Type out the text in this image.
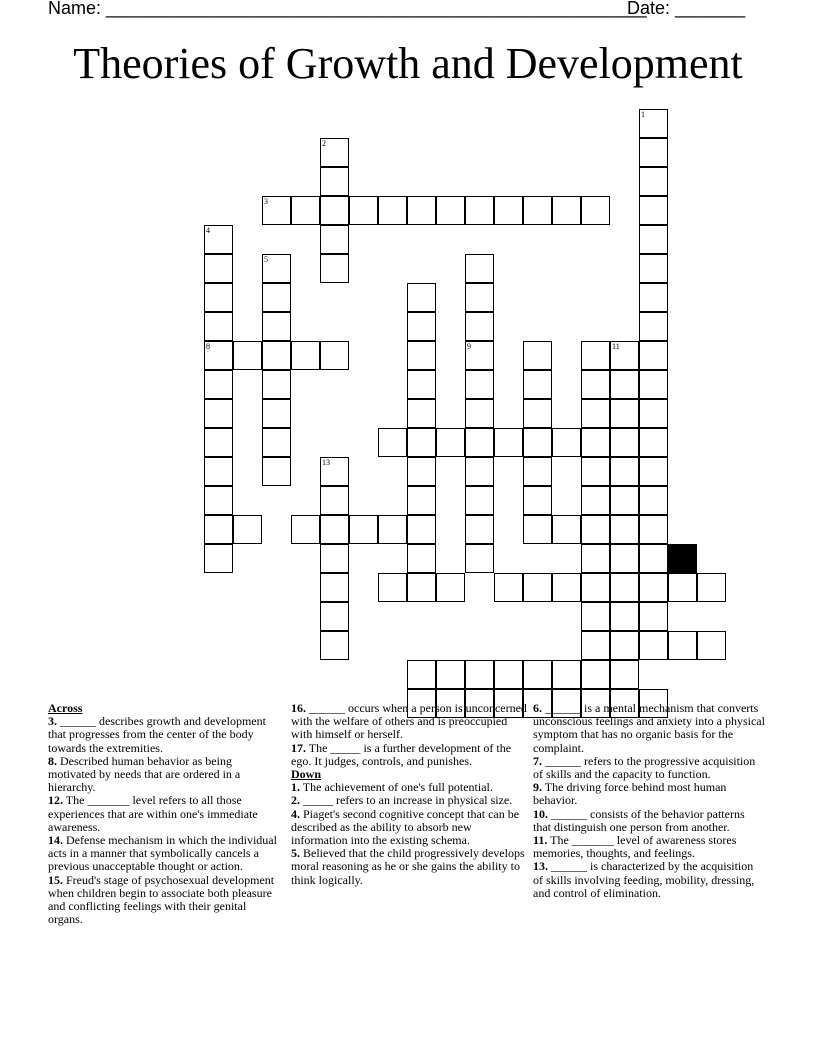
Name: ______________________________________________________
Date: _______
Theories of Growth and Development
1
2
3
4
8
5
9	11
13
Across
3. ______ describes growth and development that progresses from the center of the body towards the extremities.
8. Described human behavior as being motivated by needs that are ordered in a hierarchy.
12. The _______ level refers to all those experiences that are within one's immediate awareness.
14. Defense mechanism in which the individual acts in a manner that symbolically cancels a previous unacceptable thought or action.
15. Freud's stage of psychosexual development when children begin to associate both pleasure and conflicting feelings with their genital organs.
16. ______ occurs when a person is unconcerned with the welfare of others and is preoccupied with himself or herself.
17. The _____ is a further development of the ego. It judges, controls, and punishes.
Down
1. The achievement of one's full potential.
2. _____ refers to an increase in physical size.
4. Piaget's second cognitive concept that can be described as the ability to absorb new information into the existing schema.
5. Believed that the child progressively develops moral reasoning as he or she gains the ability to think logically.
6. ______ is a mental mechanism that converts unconscious feelings and anxiety into a physical symptom that has no organic basis for the complaint.
7. ______ refers to the progressive acquisition of skills and the capacity to function.
9. The driving force behind most human behavior.
10. ______ consists of the behavior patterns that distinguish one person from another.
11. The _______ level of awareness stores memories, thoughts, and feelings.
13. ______ is characterized by the acquisition of skills involving feeding, mobility, dressing, and control of elimination.
